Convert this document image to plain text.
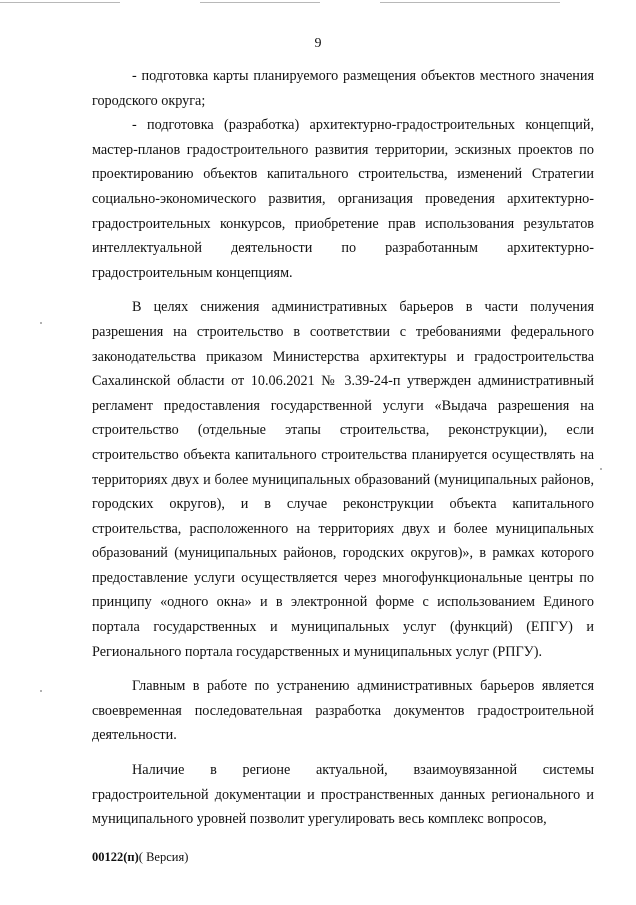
9

- подготовка карты планируемого размещения объектов местного значения городского округа;

- подготовка (разработка) архитектурно-градостроительных концепций, мастер-планов градостроительного развития территории, эскизных проектов по проектированию объектов капитального строительства, изменений Стратегии социально-экономического развития, организация проведения архитектурно-градостроительных конкурсов, приобретение прав использования результатов интеллектуальной деятельности по разработанным архитектурно-градостроительным концепциям.

В целях снижения административных барьеров в части получения разрешения на строительство в соответствии с требованиями федерального законодательства приказом Министерства архитектуры и градостроительства Сахалинской области от 10.06.2021 № 3.39-24-п утвержден административный регламент предоставления государственной услуги «Выдача разрешения на строительство (отдельные этапы строительства, реконструкции), если строительство объекта капитального строительства планируется осуществлять на территориях двух и более муниципальных образований (муниципальных районов, городских округов), и в случае реконструкции объекта капитального строительства, расположенного на территориях двух и более муниципальных образований (муниципальных районов, городских округов)», в рамках которого предоставление услуги осуществляется через многофункциональные центры по принципу «одного окна» и в электронной форме с использованием Единого портала государственных и муниципальных услуг (функций) (ЕПГУ) и Регионального портала государственных и муниципальных услуг (РПГУ).

Главным в работе по устранению административных барьеров является своевременная последовательная разработка документов градостроительной деятельности.

Наличие в регионе актуальной, взаимоувязанной системы градостроительной документации и пространственных данных регионального и муниципального уровней позволит урегулировать весь комплекс вопросов,

00122(п)( Версия)
